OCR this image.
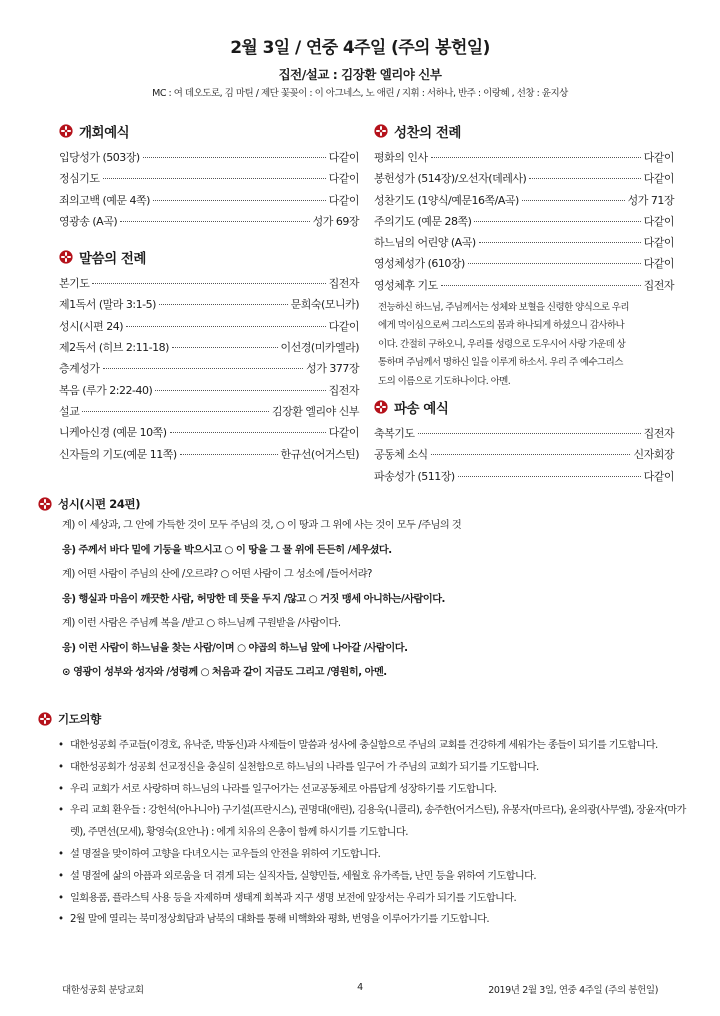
2월 3일 / 연중 4주일 (주의 봉헌일)
집전/설교 : 김장환 엘리야 신부
MC : 여 데오도로, 김 마틴 / 제단 꽃꽂이 : 이 아그네스, 노 애린 / 지휘 : 서하나, 반주 : 이랑혜 , 선창 : 윤지상
개회예식
입당성가 (503장)	다같이
정심기도	다같이
죄의고백 (예문 4쪽)	다같이
영광송 (A곡)	성가 69장
말씀의 전례
본기도	집전자
제1독서 (말라 3:1-5)	문희숙(모니카)
성시(시편 24)	다같이
제2독서 (히브 2:11-18)	이선경(미카엘라)
층계성가	성가 377장
복음 (루가 2:22-40)	집전자
설교	김장환 엘리야 신부
니케아신경 (예문 10쪽)	다같이
신자들의 기도(예문 11쪽)	한규선(어거스틴)
성찬의 전례
평화의 인사	다같이
봉헌성가 (514장)/오선자(데레사)	다같이
성찬기도 (1양식/예문16쪽/A곡)	성가 71장
주의기도 (예문 28쪽)	다같이
하느님의 어린양 (A곡)	다같이
영성체성가 (610장)	다같이
영성체후 기도	집전자
전능하신 하느님, 주님께서는 성체와 보혈을 신령한 양식으로 우리
에게 먹이심으로써 그리스도의 몸과 하나되게 하셨으니 감사하나
이다. 간절히 구하오니, 우리를 성령으로 도우시어 사랑 가운데 상
통하며 주님께서 명하신 일을 이루게 하소서. 우리 주 예수그리스
도의 이름으로 기도하나이다. 아멘.
파송 예식
축복기도	집전자
공동체 소식	신자회장
파송성가 (511장)	다같이
성시(시편 24편)
계) 이 세상과, 그 안에 가득한 것이 모두 주님의 것, ○ 이 땅과 그 위에 사는 것이 모두 /주님의 것
응) 주께서 바다 밑에 기둥을 박으시고 ○ 이 땅을 그 물 위에 든든히 /세우셨다.
계) 어떤 사람이 주님의 산에 /오르랴? ○ 어떤 사람이 그 성소에 /들어서랴?
응) 행실과 마음이 깨끗한 사람, 허망한 데 뜻을 두지 /않고 ○ 거짓 맹세 아니하는/사람이다.
계) 이런 사람은 주님께 복을 /받고 ○ 하느님께 구원받을 /사람이다.
응) 이런 사람이 하느님을 찾는 사람/이며 ○ 야곱의 하느님 앞에 나아갈 /사람이다.
⊙ 영광이 성부와 성자와 /성령께 ○ 처음과 같이 지금도 그리고 /영원히, 아멘.
기도의향
• 대한성공회 주교들(이경호, 유낙준, 박동신)과 사제들이 말씀과 성사에 충실함으로 주님의 교회를 건강하게 세워가는 종들이 되기를 기도합니다.
• 대한성공회가 성공회 선교정신을 충실히 실천함으로 하느님의 나라를 일구어 가 주님의 교회가 되기를 기도합니다.
• 우리 교회가 서로 사랑하며 하느님의 나라를 일구어가는 선교공동체로 아름답게 성장하기를 기도합니다.
• 우리 교회 환우들 : 강헌석(아나니아) 구기설(프란시스), 권명대(애린), 김용욱(니콜리), 송주한(어거스틴), 유봉자(마르다), 윤의광(사무엘), 장윤자(마가렛), 주면선(모세), 황영숙(요안나) : 에게 치유의 은총이 함께 하시기를 기도합니다.
• 설 명절을 맞이하여 고향을 다녀오시는 교우들의 안전을 위하여 기도합니다.
• 설 명절에 삶의 아픔과 외로움을 더 겪게 되는 실직자들, 실향민들, 세월호 유가족들, 난민 등을 위하여 기도합니다.
• 일회용품, 플라스틱 사용 등을 자제하며 생태계 회복과 지구 생명 보전에 앞장서는 우리가 되기를 기도합니다.
• 2월 말에 열리는 북미정상회담과 남북의 대화를 통해 비핵화와 평화, 번영을 이루어가기를 기도합니다.
대한성공회 분당교회	4	2019년 2월 3일, 연중 4주일 (주의 봉헌일)
